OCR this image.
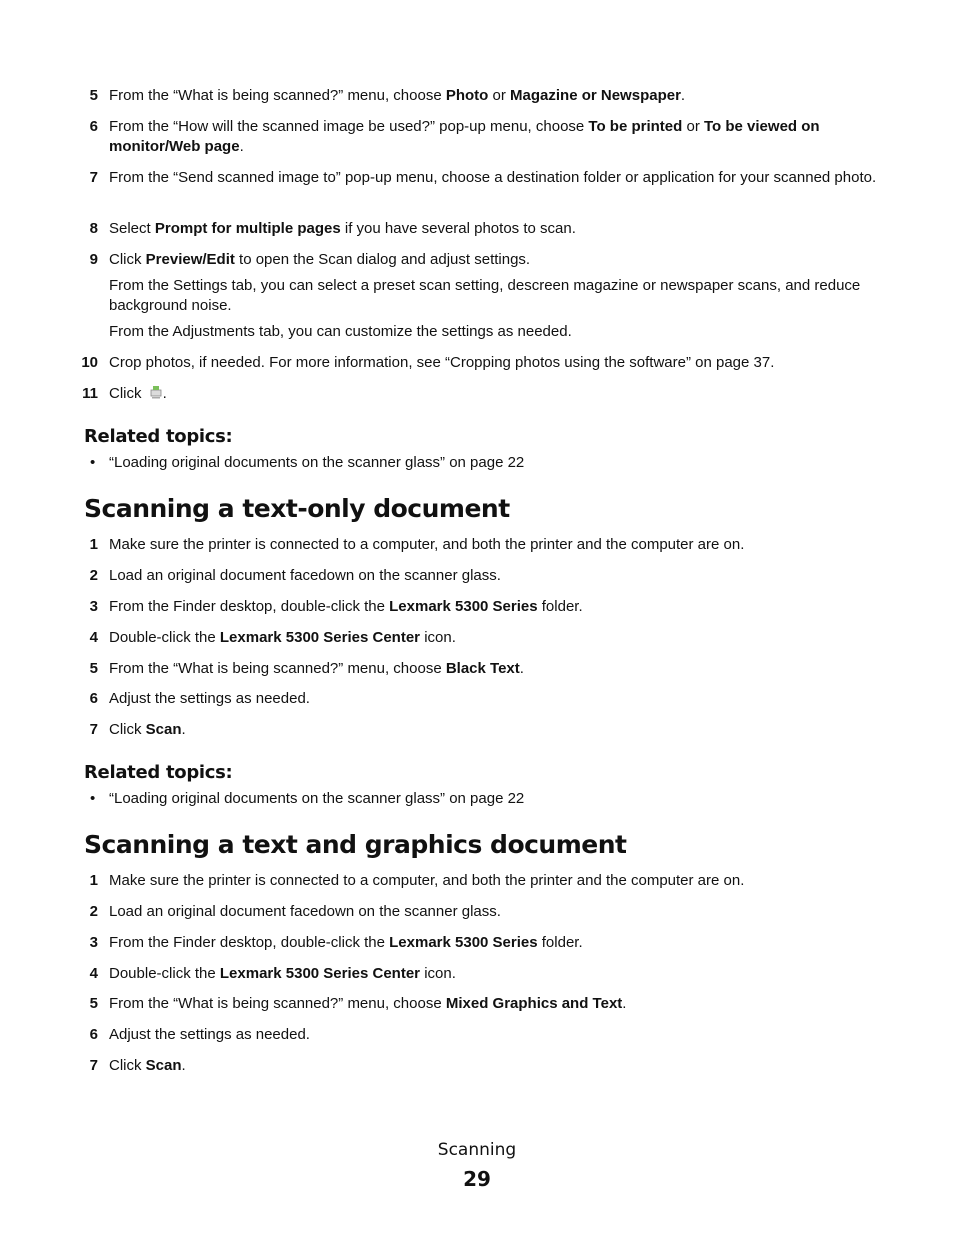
5 From the “What is being scanned?” menu, choose Photo or Magazine or Newspaper.
6 From the “How will the scanned image be used?” pop-up menu, choose To be printed or To be viewed on monitor/Web page.
7 From the “Send scanned image to” pop-up menu, choose a destination folder or application for your scanned photo.
8 Select Prompt for multiple pages if you have several photos to scan.
9 Click Preview/Edit to open the Scan dialog and adjust settings.

From the Settings tab, you can select a preset scan setting, descreen magazine or newspaper scans, and reduce background noise.

From the Adjustments tab, you can customize the settings as needed.

10 Crop photos, if needed. For more information, see “Cropping photos using the software” on page 37.
11 Click .
Related topics:
• “Loading original documents on the scanner glass” on page 22
Scanning a text-only document
1 Make sure the printer is connected to a computer, and both the printer and the computer are on.
2 Load an original document facedown on the scanner glass.
3 From the Finder desktop, double-click the Lexmark 5300 Series folder.
4 Double-click the Lexmark 5300 Series Center icon.
5 From the “What is being scanned?” menu, choose Black Text.
6 Adjust the settings as needed.
7 Click Scan.
Related topics:
• “Loading original documents on the scanner glass” on page 22
Scanning a text and graphics document
1 Make sure the printer is connected to a computer, and both the printer and the computer are on.
2 Load an original document facedown on the scanner glass.
3 From the Finder desktop, double-click the Lexmark 5300 Series folder.
4 Double-click the Lexmark 5300 Series Center icon.
5 From the “What is being scanned?” menu, choose Mixed Graphics and Text.
6 Adjust the settings as needed.
7 Click Scan.
Scanning
29
